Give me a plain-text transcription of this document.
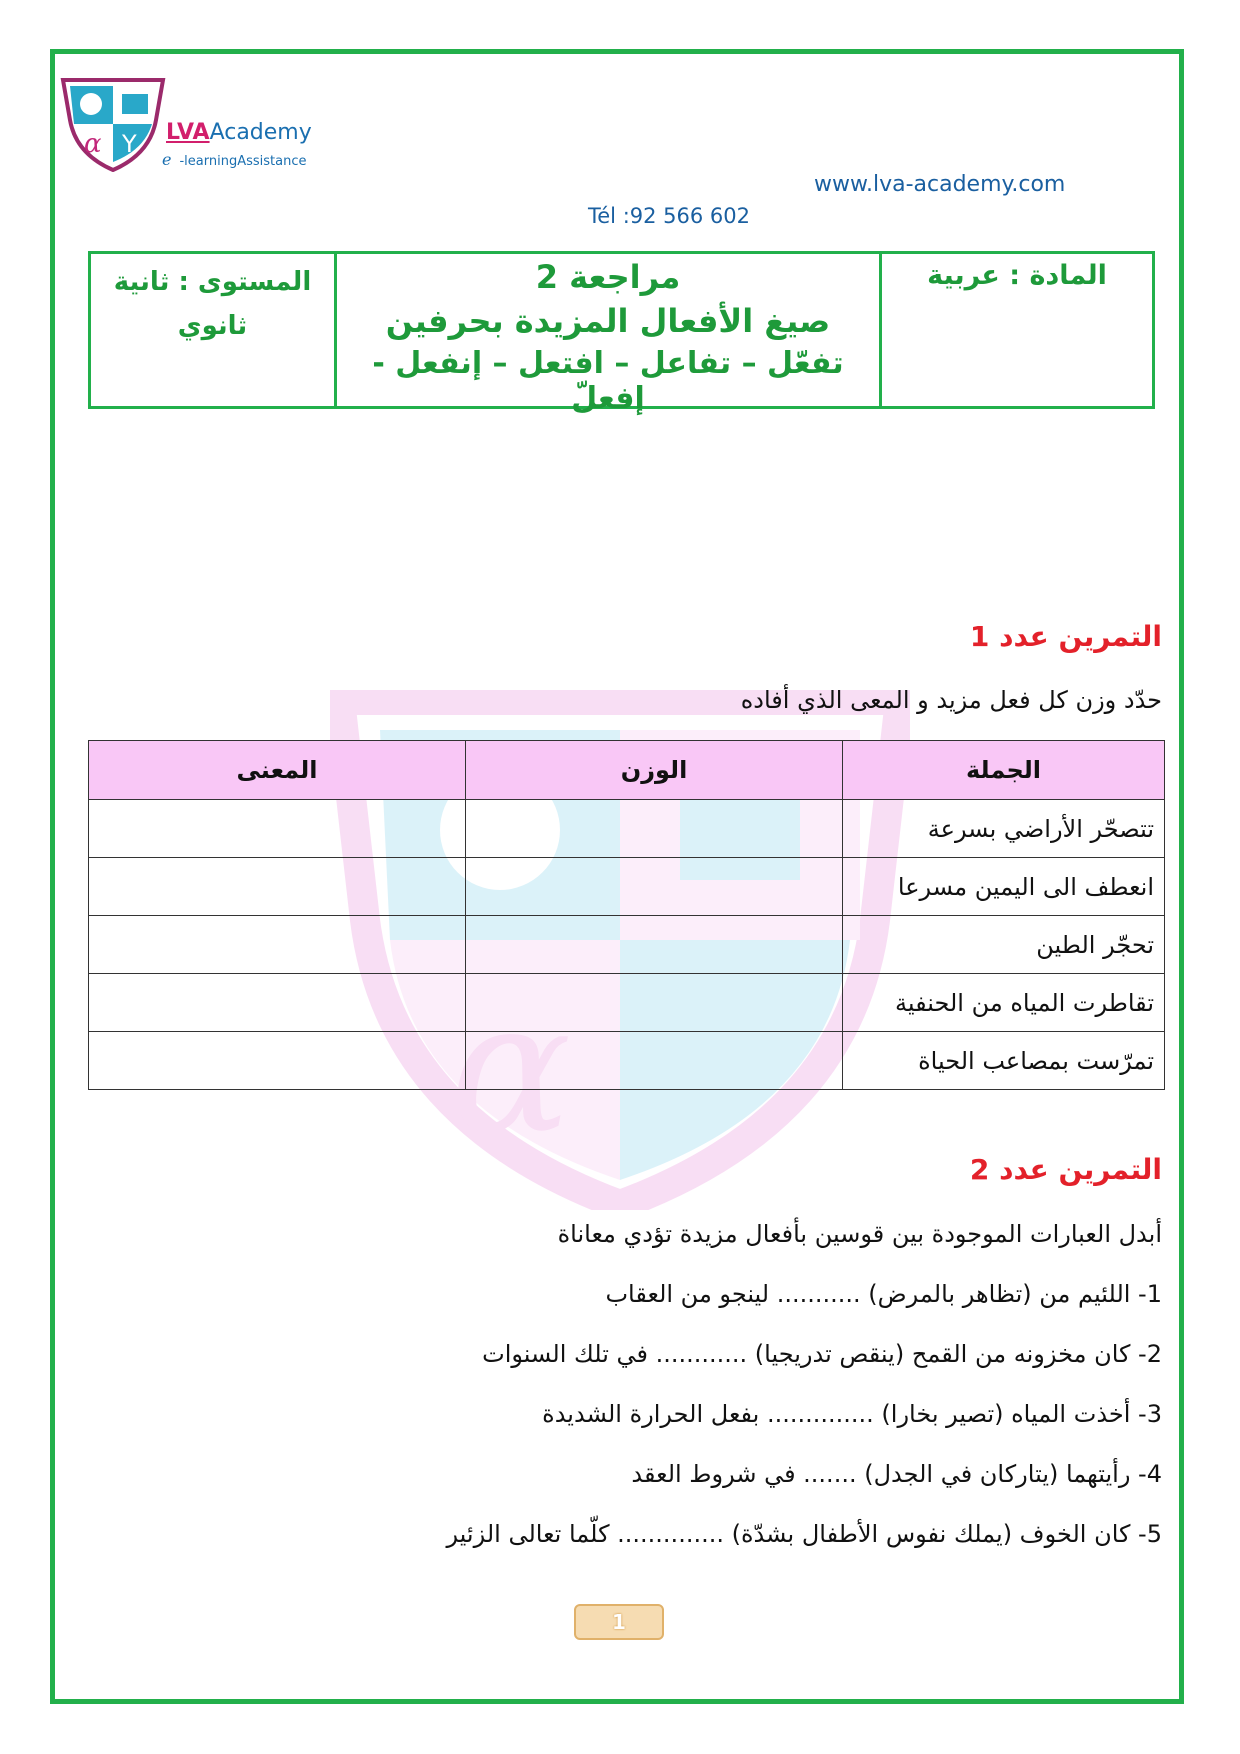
α Y LVAAcademy
e -learningAssistance
www.lva-academy.com
Tél :92 566 602
المادة : عربية
مراجعة 2
صيغ الأفعال المزيدة بحرفين
تفعّل – تفاعل – افتعل – إنفعل - إفعلّ
المستوى : ثانية
ثانوي
α
التمرين عدد 1
حدّد وزن كل فعل مزيد و المعى الذي أفاده
الجملة	الوزن	المعنى
تتصحّر الأراضي بسرعة		
انعطف الى اليمين مسرعا		
تحجّر الطين		
تقاطرت المياه من الحنفية		
تمرّست بمصاعب الحياة		
التمرين عدد 2
أبدل العبارات الموجودة بين قوسين بأفعال مزيدة تؤدي معاناة
1- اللئيم من (تظاهر بالمرض) ........... لينجو من العقاب
2- كان مخزونه من القمح (ينقص تدريجيا) ............ في تلك السنوات
3- أخذت المياه (تصير بخارا) .............. بفعل الحرارة الشديدة
4- رأيتهما (يتاركان في الجدل) ....... في شروط العقد
5- كان الخوف (يملك نفوس الأطفال بشدّة) .............. كلّما تعالى الزئير
1
